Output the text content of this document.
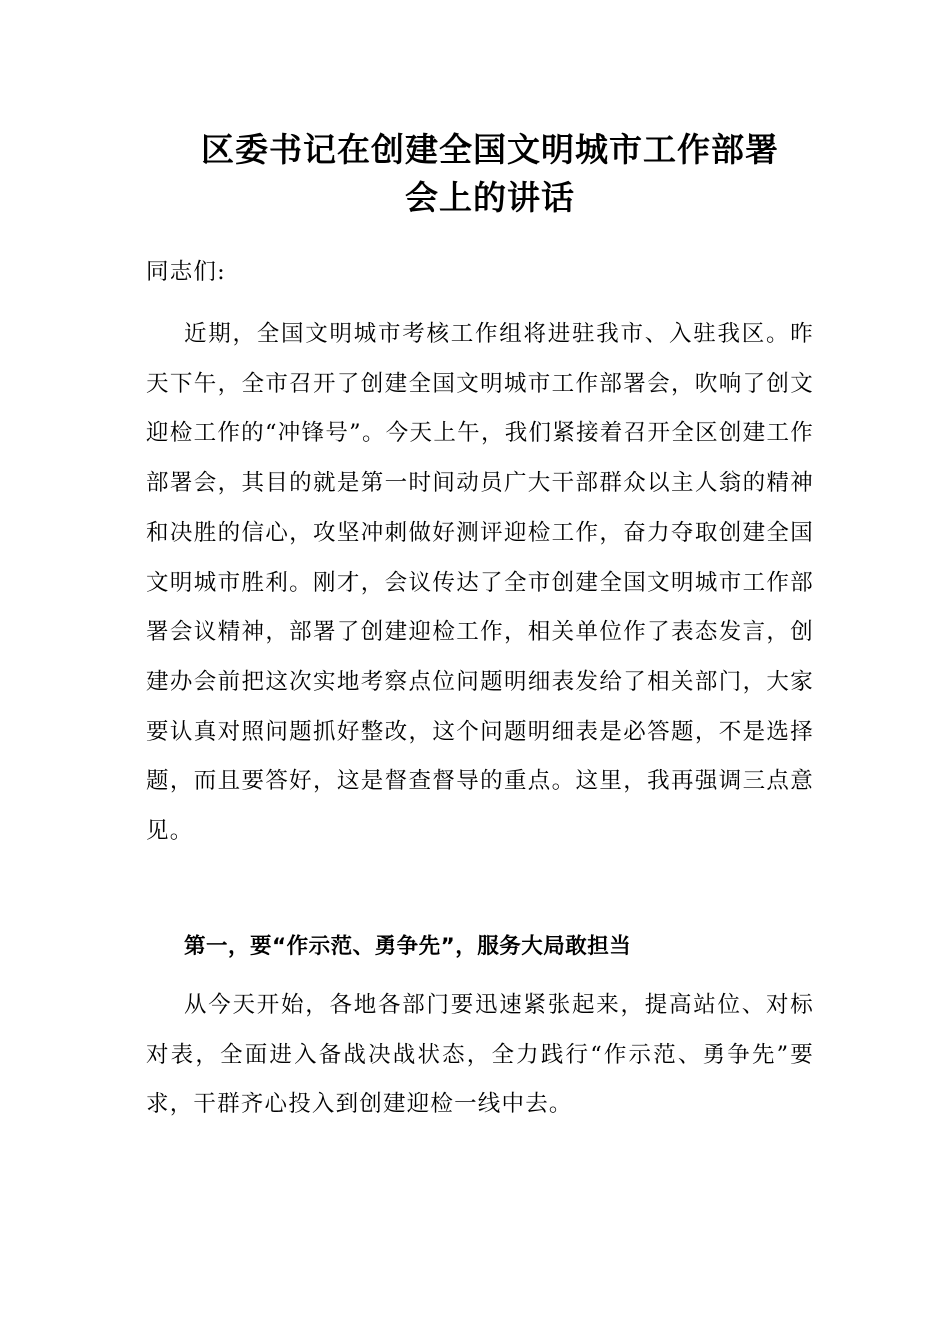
区委书记在创建全国文明城市工作部署
会上的讲话
同志们:
近期，全国文明城市考核工作组将进驻我市、入驻我区。昨天下午，全市召开了创建全国文明城市工作部署会，吹响了创文迎检工作的“冲锋号”。今天上午，我们紧接着召开全区创建工作部署会，其目的就是第一时间动员广大干部群众以主人翁的精神和决胜的信心，攻坚冲刺做好测评迎检工作，奋力夺取创建全国文明城市胜利。刚才，会议传达了全市创建全国文明城市工作部署会议精神，部署了创建迎检工作，相关单位作了表态发言，创建办会前把这次实地考察点位问题明细表发给了相关部门，大家要认真对照问题抓好整改，这个问题明细表是必答题，不是选择题，而且要答好，这是督查督导的重点。这里，我再强调三点意见。
第一，要“作示范、勇争先”，服务大局敢担当
从今天开始，各地各部门要迅速紧张起来，提高站位、对标对表，全面进入备战决战状态，全力践行“作示范、勇争先”要求，干群齐心投入到创建迎检一线中去。
